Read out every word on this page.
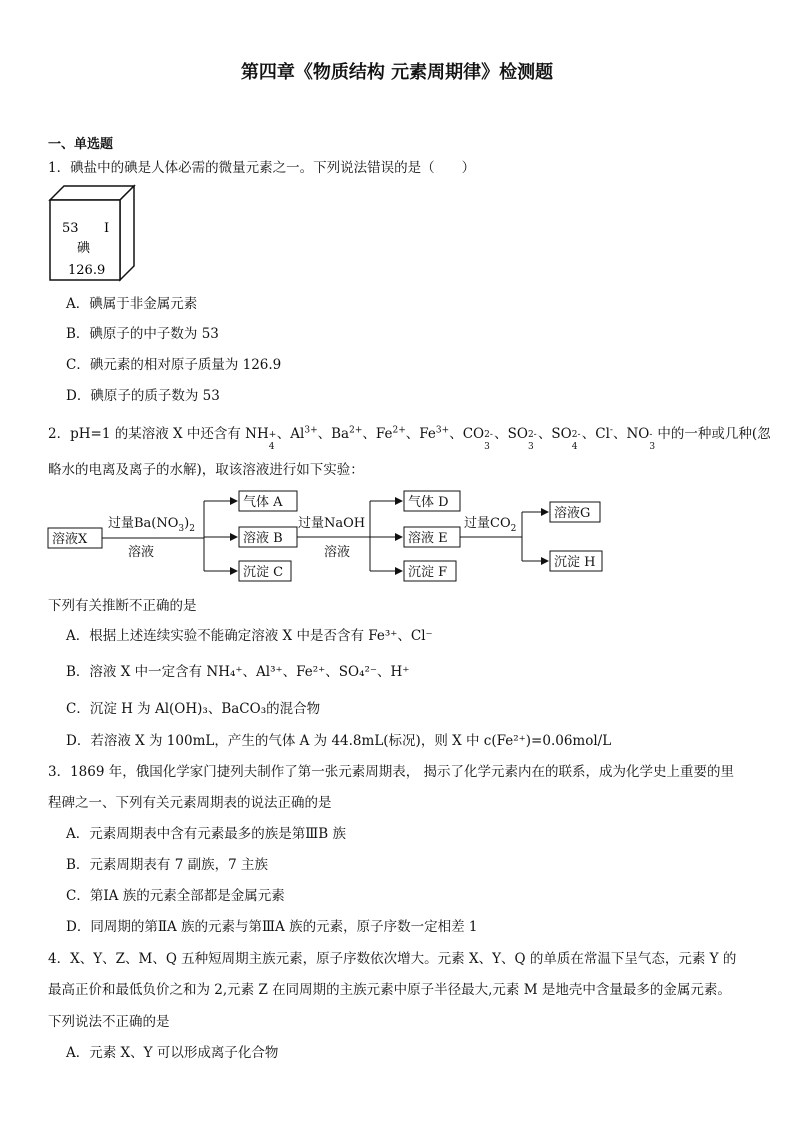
第四章《物质结构 元素周期律》检测题
一、单选题
1．碘盐中的碘是人体必需的微量元素之一。下列说法错误的是（　　）
53 I
碘
126.9
A．碘属于非金属元素
B．碘原子的中子数为 53
C．碘元素的相对原子质量为 126.9
D．碘原子的质子数为 53
2．pH=1 的某溶液 X 中还含有 NH +
4
、$Al^{3+}$、$Ba^{2+}$、$Fe^{2+}$、$Fe^{3+}$、CO 2-
3
、SO 2-
3
、SO 2-
4
、Cl-、NO -
3
中的一种或几种(忽
略水的电离及离子的水解)，取该溶液进行如下实验：
溶液X
过量$Ba(NO_3)_2$
溶液
气体 A
溶液 B
沉淀 C
过量NaOH
溶液
气体 D
溶液 E
沉淀 F
过量$CO_2$
溶液G
沉淀 H
下列有关推断不正确的是
A．根据上述连续实验不能确定溶液 X 中是否含有 Fe³⁺、Cl⁻
B．溶液 X 中一定含有 NH₄⁺、Al³⁺、Fe²⁺、SO₄²⁻、H⁺
C．沉淀 H 为 Al(OH)₃、BaCO₃的混合物
D．若溶液 X 为 100mL，产生的气体 A 为 44.8mL(标况)，则 X 中 c(Fe²⁺)=0.06mol/L
3．1869 年，俄国化学家门捷列夫制作了第一张元素周期表， 揭示了化学元素内在的联系，成为化学史上重要的里
程碑之一、下列有关元素周期表的说法正确的是
A．元素周期表中含有元素最多的族是第ⅢB 族
B．元素周期表有 7 副族，7 主族
C．第ⅠA 族的元素全部都是金属元素
D．同周期的第ⅡA 族的元素与第ⅢA 族的元素，原子序数一定相差 1
4．X、Y、Z、M、Q 五种短周期主族元素，原子序数依次增大。元素 X、Y、Q 的单质在常温下呈气态，元素 Y 的
最高正价和最低负价之和为 2,元素 Z 在同周期的主族元素中原子半径最大,元素 M 是地壳中含量最多的金属元素。
下列说法不正确的是
A．元素 X、Y 可以形成离子化合物
